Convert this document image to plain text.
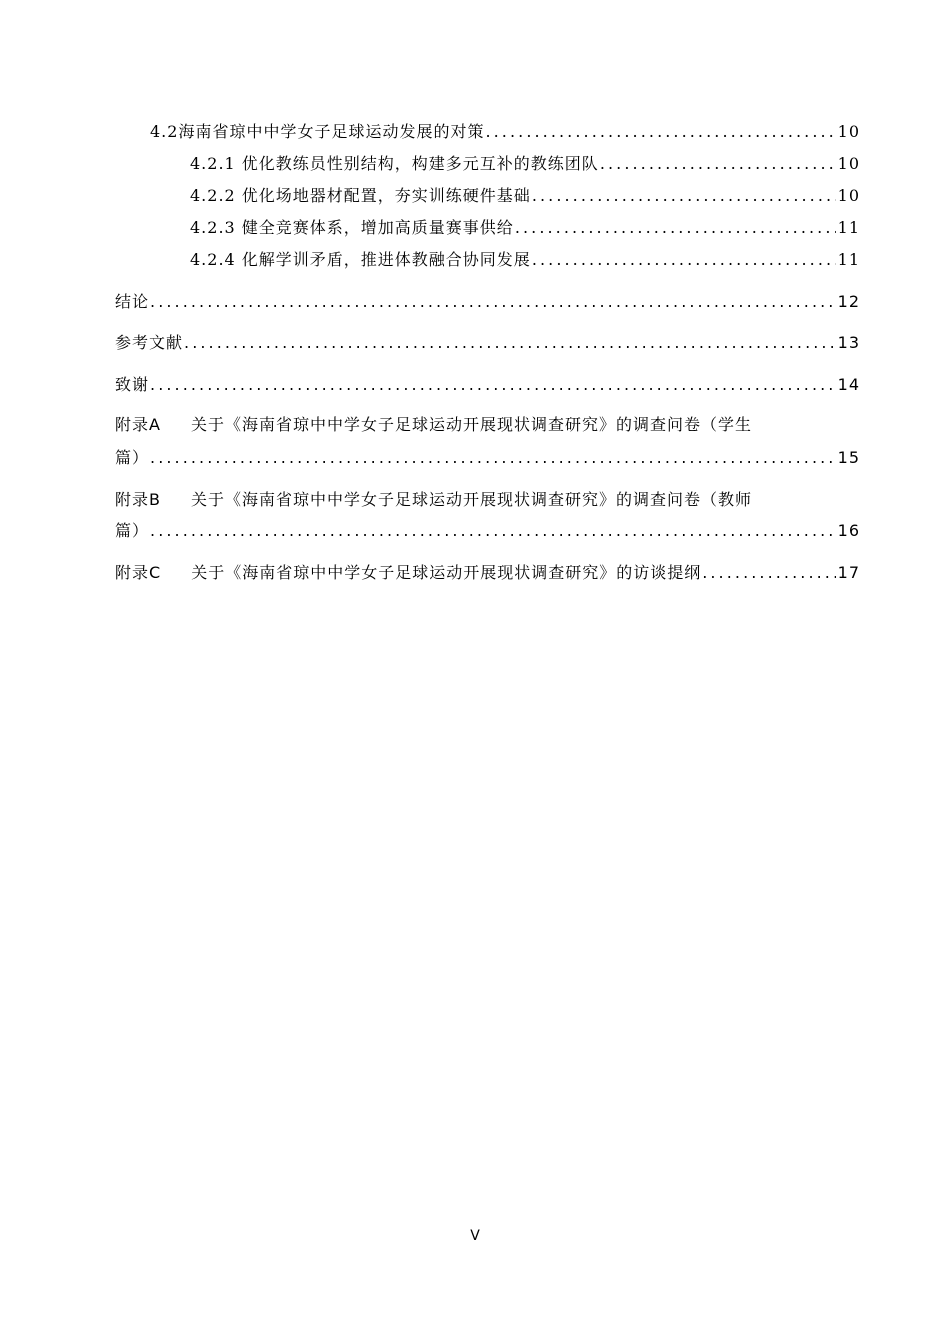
4.2海南省琼中中学女子足球运动发展的对策 . . .	10
4.2.1 优化教练员性别结构，构建多元互补的教练团队 . . .	10
4.2.2 优化场地器材配置，夯实训练硬件基础 . . .	10
4.2.3 健全竞赛体系，增加高质量赛事供给 . . .	11
4.2.4 化解学训矛盾，推进体教融合协同发展 . . .	11
结论 . . .	12
参考文献 . . .	13
致谢 . . .	14
附录A 关于《海南省琼中中学女子足球运动开展现状调查研究》的调查问卷（学生
篇） . . .	15
附录B 关于《海南省琼中中学女子足球运动开展现状调查研究》的调查问卷（教师
篇） . . .	16
附录C 关于《海南省琼中中学女子足球运动开展现状调查研究》的访谈提纲 . . .	17
V
